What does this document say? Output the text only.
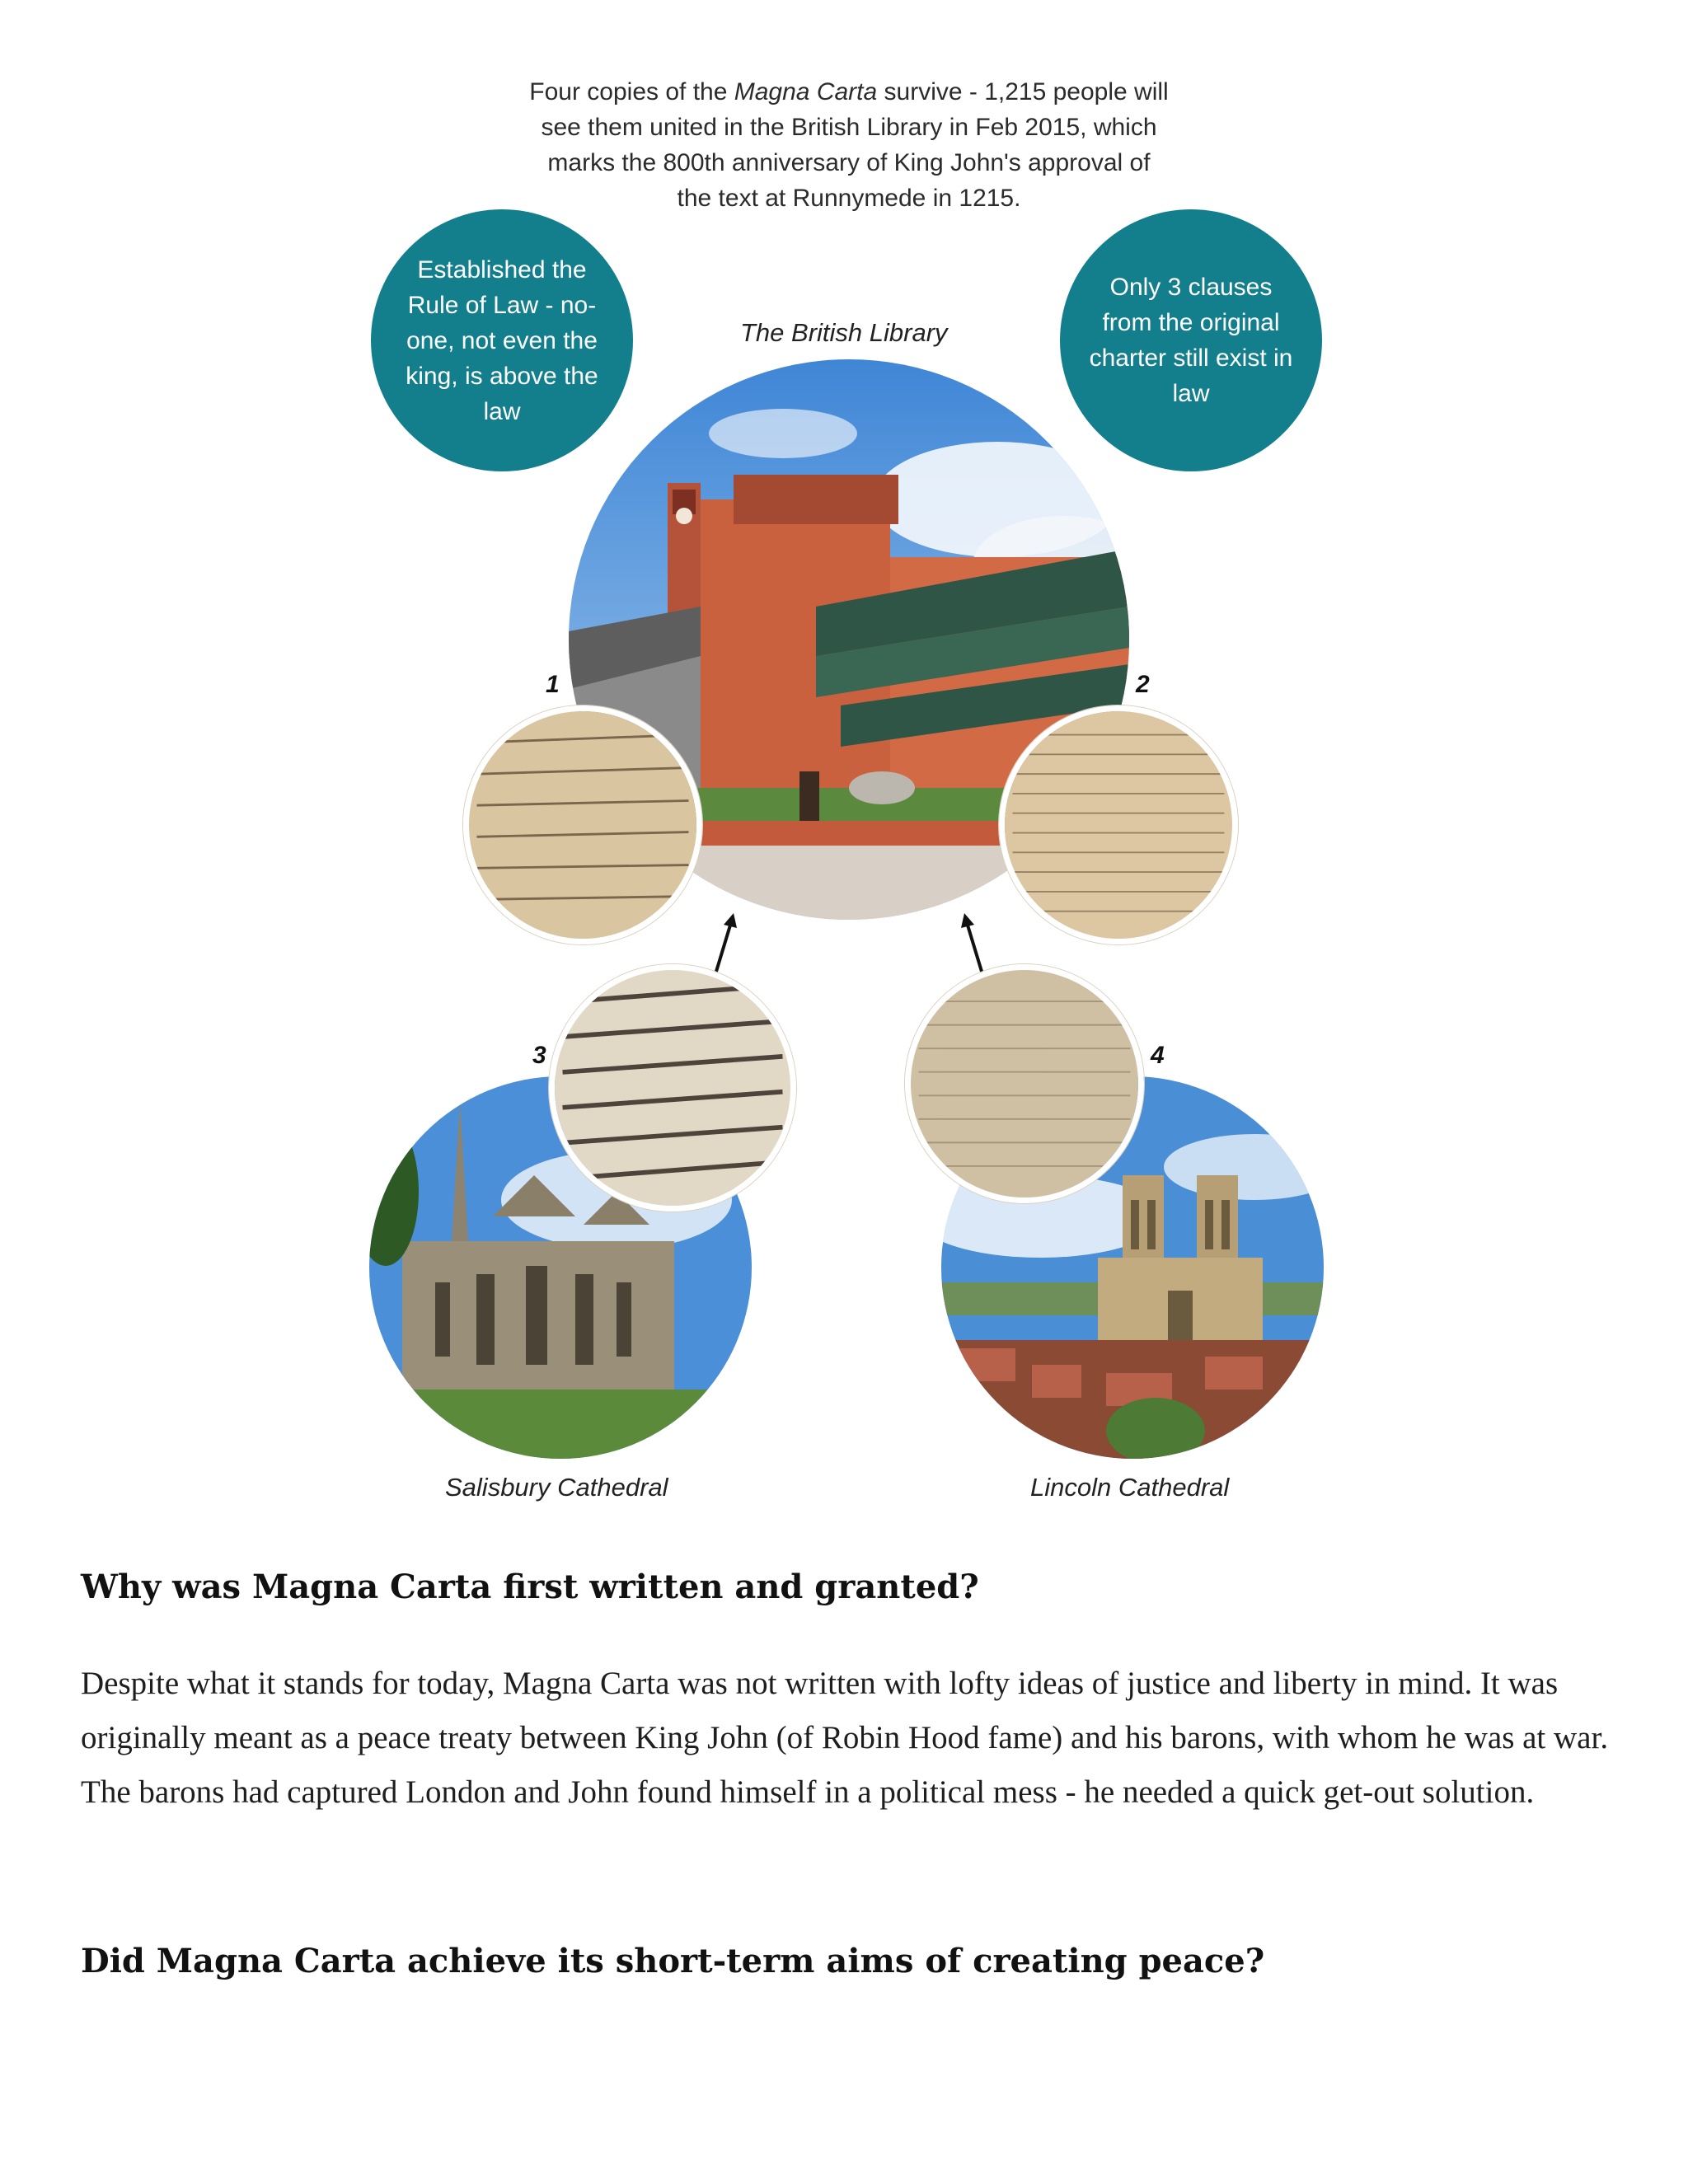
Four copies of the Magna Carta survive - 1,215 people will see them united in the British Library in Feb 2015, which marks the 800th anniversary of King John's approval of the text at Runnymede in 1215.
Established the Rule of Law - no-one, not even the king, is above the law
Only 3 clauses from the original charter still exist in law
The British Library
1	2
3	4
Salisbury Cathedral	Lincoln Cathedral
Why was Magna Carta first written and granted?

Despite what it stands for today, Magna Carta was not written with lofty ideas of justice and liberty in mind. It was originally meant as a peace treaty between King John (of Robin Hood fame) and his barons, with whom he was at war. The barons had captured London and John found himself in a political mess - he needed a quick get-out solution.

Did Magna Carta achieve its short-term aims of creating peace?
